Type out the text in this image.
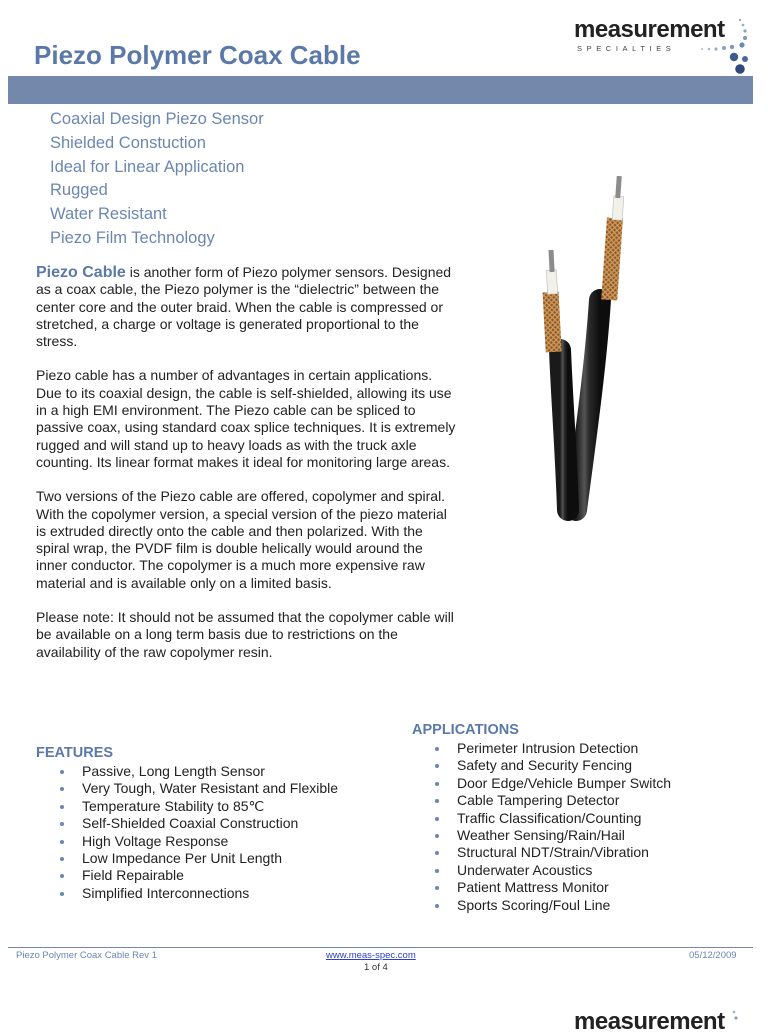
Piezo Polymer Coax Cable
measurement
SPECIALTIES
Coaxial Design Piezo Sensor
Shielded Constuction
Ideal for Linear Application
Rugged
Water Resistant
Piezo Film Technology

Piezo Cable is another form of Piezo polymer sensors. Designed as a coax cable, the Piezo polymer is the “dielectric” between the center core and the outer braid. When the cable is compressed or stretched, a charge or voltage is generated proportional to the stress.

Piezo cable has a number of advantages in certain applications. Due to its coaxial design, the cable is self-shielded, allowing its use in a high EMI environment. The Piezo cable can be spliced to passive coax, using standard coax splice techniques. It is extremely rugged and will stand up to heavy loads as with the truck axle counting. Its linear format makes it ideal for monitoring large areas.

Two versions of the Piezo cable are offered, copolymer and spiral. With the copolymer version, a special version of the piezo material is extruded directly onto the cable and then polarized. With the spiral wrap, the PVDF film is double helically would around the inner conductor. The copolymer is a much more expensive raw material and is available only on a limited basis.

Please note: It should not be assumed that the copolymer cable will be available on a long term basis due to restrictions on the availability of the raw copolymer resin.

FEATURES
Passive, Long Length Sensor
Very Tough, Water Resistant and Flexible
Temperature Stability to 85℃
Self-Shielded Coaxial Construction
High Voltage Response
Low Impedance Per Unit Length
Field Repairable
Simplified Interconnections
APPLICATIONS
Perimeter Intrusion Detection
Safety and Security Fencing
Door Edge/Vehicle Bumper Switch
Cable Tampering Detector
Traffic Classification/Counting
Weather Sensing/Rain/Hail
Structural NDT/Strain/Vibration
Underwater Acoustics
Patient Mattress Monitor
Sports Scoring/Foul Line
Piezo Polymer Coax Cable Rev 1	www.meas-spec.com
1 of 4
05/12/2009
measurement
